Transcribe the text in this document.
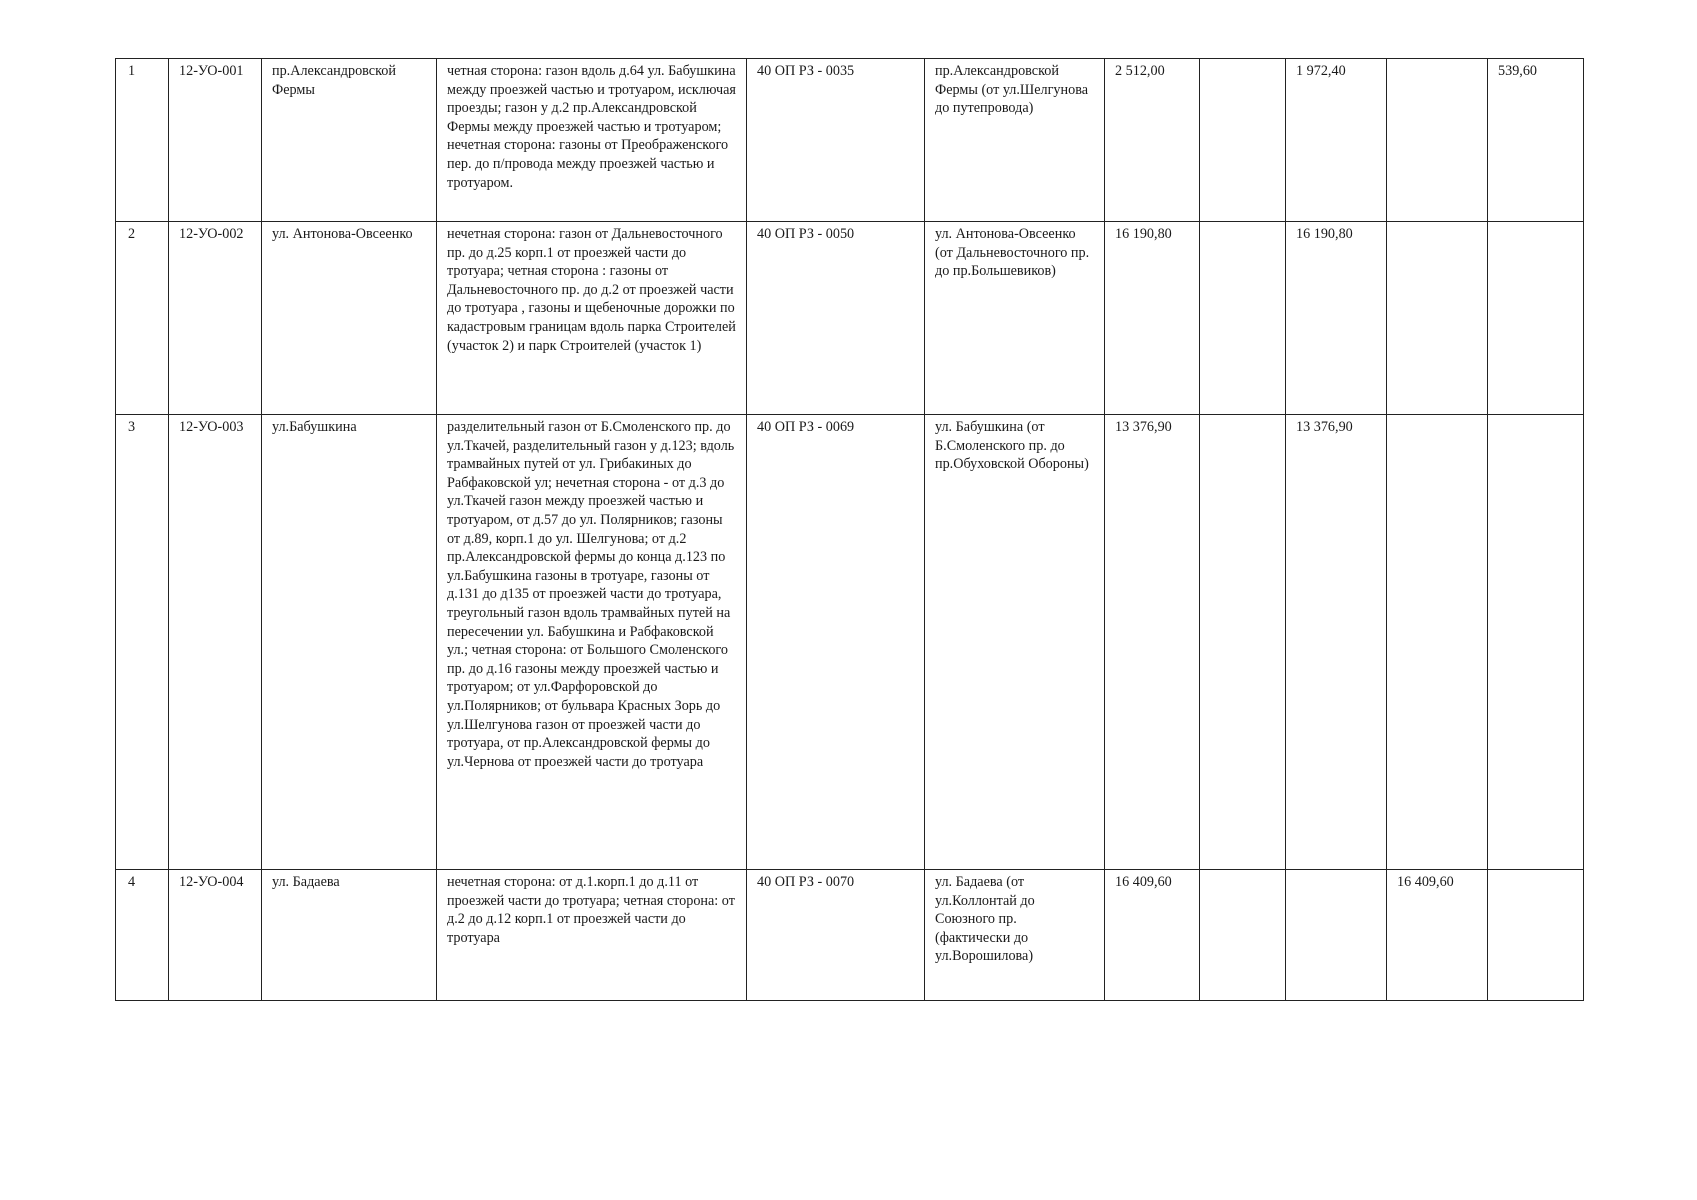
1	12-УО-001	пр.Александровской Фермы	четная сторона: газон вдоль д.64 ул. Бабушкина между проезжей частью и тротуаром, исключая проезды; газон у д.2 пр.Александровской Фермы между проезжей частью и тротуаром; нечетная сторона: газоны от Преображенского пер. до п/провода между проезжей частью и тротуаром.	40 ОП РЗ - 0035	пр.Александровской Фермы (от ул.Шелгунова до путепровода)	2 512,00		1 972,40		539,60
2	12-УО-002	ул. Антонова-Овсеенко	нечетная сторона: газон от Дальневосточного пр. до д.25 корп.1 от проезжей части до тротуара; четная сторона : газоны от Дальневосточного пр. до д.2 от проезжей части до тротуара , газоны и щебеночные дорожки по кадастровым границам вдоль парка Строителей (участок 2) и парк Строителей (участок 1)	40 ОП РЗ - 0050	ул. Антонова-Овсеенко (от Дальневосточного пр. до пр.Большевиков)	16 190,80		16 190,80		
3	12-УО-003	ул.Бабушкина	разделительный газон от Б.Смоленского пр. до ул.Ткачей, разделительный газон у д.123; вдоль трамвайных путей от ул. Грибакиных до Рабфаковской ул; нечетная сторона - от д.3 до ул.Ткачей газон между проезжей частью и тротуаром, от д.57 до ул. Полярников; газоны от д.89, корп.1 до ул. Шелгунова; от д.2 пр.Александровской фермы до конца д.123 по ул.Бабушкина газоны в тротуаре, газоны от д.131 до д135 от проезжей части до тротуара, треугольный газон вдоль трамвайных путей на пересечении ул. Бабушкина и Рабфаковской ул.; четная сторона: от Большого Смоленского пр. до д.16 газоны между проезжей частью и тротуаром; от ул.Фарфоровской до ул.Полярников; от бульвара Красных Зорь до ул.Шелгунова газон от проезжей части до тротуара, от пр.Александровской фермы до ул.Чернова от проезжей части до тротуара	40 ОП РЗ - 0069	ул. Бабушкина (от Б.Смоленского пр. до пр.Обуховской Обороны)	13 376,90		13 376,90		
4	12-УО-004	ул. Бадаева	нечетная сторона: от д.1.корп.1 до д.11 от проезжей части до тротуара; четная сторона: от д.2 до д.12 корп.1 от проезжей части до тротуара	40 ОП РЗ - 0070	ул. Бадаева (от ул.Коллонтай до Союзного пр. (фактически до ул.Ворошилова)	16 409,60			16 409,60	
